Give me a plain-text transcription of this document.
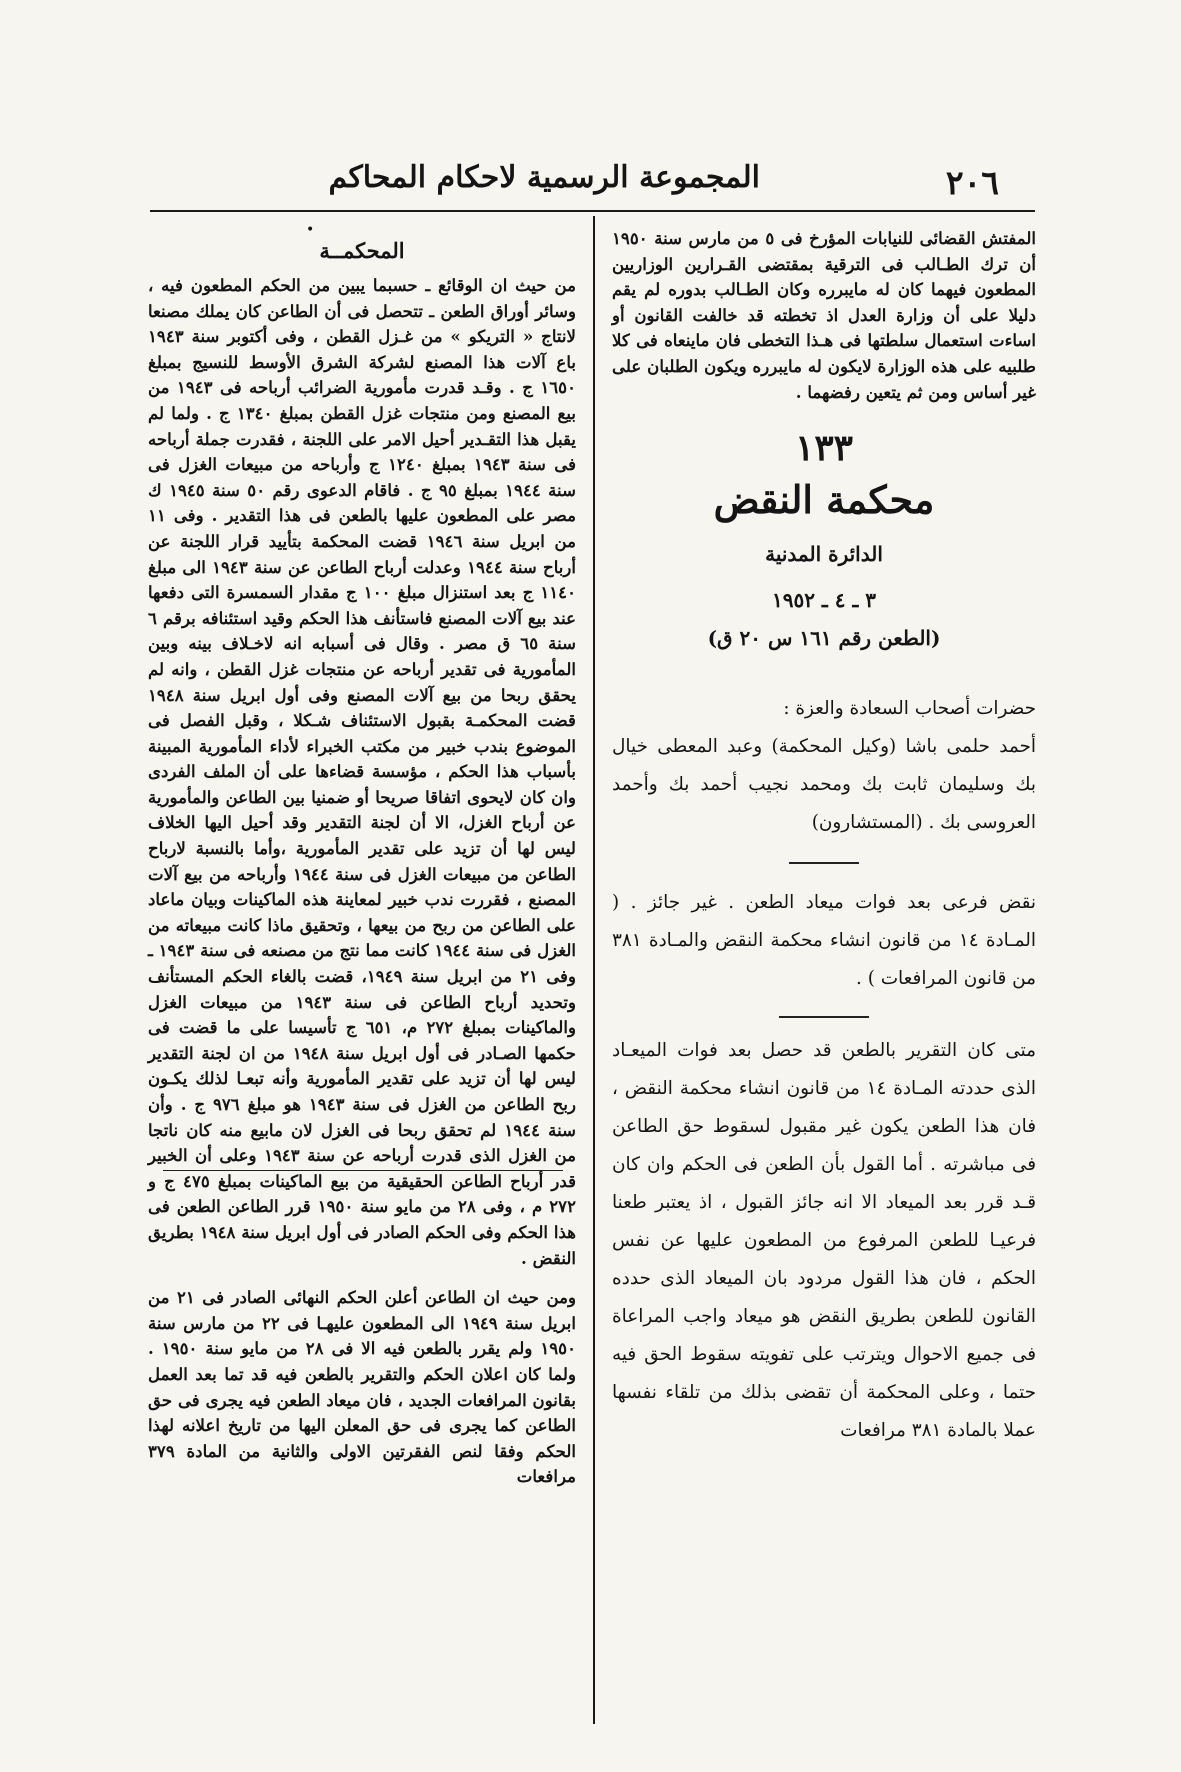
٢٠٦
المجموعة الرسمية لاحكام المحاكم
•	المفتش القضائى للنيابات المؤرخ فى ٥ من مارس سنة ١٩٥٠ أن ترك الطـالب فى الترقية بمقتضى القـرارين الوزاريين المطعون فيهما كان له مايبرره وكان الطـالب بدوره لم يقم دليلا على أن وزارة العدل اذ تخطته قد خالفت القانون أو اساءت استعمال سلطتها فى هـذا التخطى فان ماينعاه فى كلا طلبيه على هذه الوزارة لايكون له مايبرره ويكون الطلبان على غير أساس ومن ثم يتعين رفضهما .

١٣٣
محكمة النقض
الدائرة المدنية
٣ ـ ٤ ـ ١٩٥٢
(الطعن رقم ١٦١ س ٢٠ ق)

حضرات أصحاب السعادة والعزة :

أحمد حلمى باشا (وكيل المحكمة) وعبد المعطى خيال بك وسليمان ثابت بك ومحمد نجيب أحمد بك وأحمد العروسى بك . (المستشارون)

نقض فرعى بعد فوات ميعاد الطعن . غير جائز . ( المـادة ١٤ من قانون انشاء محكمة النقض والمـادة ٣٨١ من قانون المرافعات ) .

متى كان التقرير بالطعن قد حصل بعد فوات الميعـاد الذى حددته المـادة ١٤ من قانون انشاء محكمة النقض ، فان هذا الطعن يكون غير مقبول لسقوط حق الطاعن فى مباشرته . أما القول بأن الطعن فى الحكم وان كان قـد قرر بعد الميعاد الا انه جائز القبول ، اذ يعتبر طعنا فرعيـا للطعن المرفوع من المطعون عليها عن نفس الحكم ، فان هذا القول مردود بان الميعاد الذى حدده القانون للطعن بطريق النقض هو ميعاد واجب المراعاة فى جميع الاحوال ويترتب على تفويته سقوط الحق فيه حتما ، وعلى المحكمة أن تقضى بذلك من تلقاء نفسها عملا بالمادة ٣٨١ مرافعات

المحكمــة

من حيث ان الوقائع ـ حسبما يبين من الحكم المطعون فيه ، وسائر أوراق الطعن ـ تتحصل فى أن الطاعن كان يملك مصنعا لانتاج « التريكو » من غـزل القطن ، وفى أكتوبر سنة ١٩٤٣ باع آلات هذا المصنع لشركة الشرق الأوسط للنسيج بمبلغ ١٦٥٠ ج . وقـد قدرت مأمورية الضرائب أرباحه فى ١٩٤٣ من بيع المصنع ومن منتجات غزل القطن بمبلغ ١٣٤٠ ج . ولما لم يقبل هذا التقـدير أحيل الامر على اللجنة ، فقدرت جملة أرباحه فى سنة ١٩٤٣ بمبلغ ١٢٤٠ ج وأرباحه من مبيعات الغزل فى سنة ١٩٤٤ بمبلغ ٩٥ ج . فاقام الدعوى رقم ٥٠ سنة ١٩٤٥ ك مصر على المطعون عليها بالطعن فى هذا التقدير . وفى ١١ من ابريل سنة ١٩٤٦ قضت المحكمة بتأييد قرار اللجنة عن أرباح سنة ١٩٤٤ وعدلت أرباح الطاعن عن سنة ١٩٤٣ الى مبلغ ١١٤٠ ج بعد استنزال مبلغ ١٠٠ ج مقدار السمسرة التى دفعها عند بيع آلات المصنع فاستأنف هذا الحكم وقيد استئنافه برقم ٦ سنة ٦٥ ق مصر . وقال فى أسبابه انه لاخـلاف بينه وبين المأمورية فى تقدير أرباحه عن منتجات غزل القطن ، وانه لم يحقق ربحا من بيع آلات المصنع وفى أول ابريل سنة ١٩٤٨ قضت المحكمـة بقبول الاستئناف شـكلا ، وقبل الفصل فى الموضوع بندب خبير من مكتب الخبراء لأداء المأمورية المبينة بأسباب هذا الحكم ، مؤسسة قضاءها على أن الملف الفردى وان كان لايحوى اتفاقا صريحا أو ضمنيا بين الطاعن والمأمورية عن أرباح الغزل، الا أن لجنة التقدير وقد أحيل اليها الخلاف ليس لها أن تزيد على تقدير المأمورية ،وأما بالنسبة لارباح الطاعن من مبيعات الغزل فى سنة ١٩٤٤ وأرباحه من بيع آلات المصنع ، فقررت ندب خبير لمعاينة هذه الماكينات وبيان ماعاد على الطاعن من ربح من بيعها ، وتحقيق ماذا كانت مبيعاته من الغزل فى سنة ١٩٤٤ كانت مما نتج من مصنعه فى سنة ١٩٤٣ ـ وفى ٢١ من ابريل سنة ١٩٤٩، قضت بالغاء الحكم المستأنف وتحديد أرباح الطاعن فى سنة ١٩٤٣ من مبيعات الغزل والماكينات بمبلغ ٢٧٢ م، ٦٥١ ج تأسيسا على ما قضت فى حكمها الصـادر فى أول ابريل سنة ١٩٤٨ من ان لجنة التقدير ليس لها أن تزيد على تقدير المأمورية وأنه تبعـا لذلك يكـون ربح الطاعن من الغزل فى سنة ١٩٤٣ هو مبلغ ٩٧٦ ج . وأن سنة ١٩٤٤ لم تحقق ربحا فى الغزل لان مابيع منه كان ناتجا من الغزل الذى قدرت أرباحه عن سنة ١٩٤٣ وعلى أن الخبير قدر أرباح الطاعن الحقيقية من بيع الماكينات بمبلغ ٤٧٥ ج و ٢٧٢ م ، وفى ٢٨ من مايو سنة ١٩٥٠ قرر الطاعن الطعن فى هذا الحكم وفى الحكم الصادر فى أول ابريل سنة ١٩٤٨ بطريق النقض .

ومن حيث ان الطاعن أعلن الحكم النهائى الصادر فى ٢١ من ابريل سنة ١٩٤٩ الى المطعون عليهـا فى ٢٢ من مارس سنة ١٩٥٠ ولم يقرر بالطعن فيه الا فى ٢٨ من مايو سنة ١٩٥٠ . ولما كان اعلان الحكم والتقرير بالطعن فيه قد تما بعد العمل بقانون المرافعات الجديد ، فان ميعاد الطعن فيه يجرى فى حق الطاعن كما يجرى فى حق المعلن اليها من تاريخ اعلانه لهذا الحكم وفقا لنص الفقرتين الاولى والثانية من المادة ٣٧٩ مرافعات
